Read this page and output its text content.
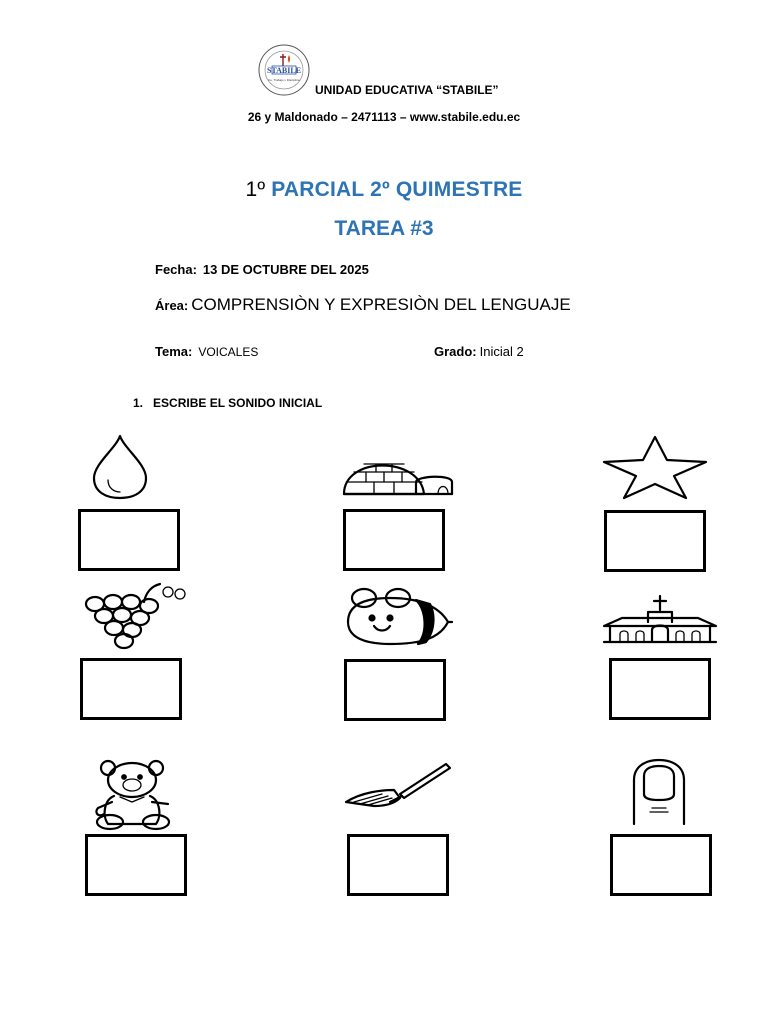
STABILE
Fe, Trabajo y Disciplina
UNIDAD EDUCATIVA “STABILE”
26 y Maldonado – 2471113 – www.stabile.edu.ec
1º PARCIAL 2º QUIMESTRE
TAREA #3
Fecha: 13 DE OCTUBRE DEL 2025
Área: COMPRENSIÒN Y EXPRESIÒN DEL LENGUAJE
Tema: VOICALES	Grado: Inicial 2
1. ESCRIBE EL SONIDO INICIAL
